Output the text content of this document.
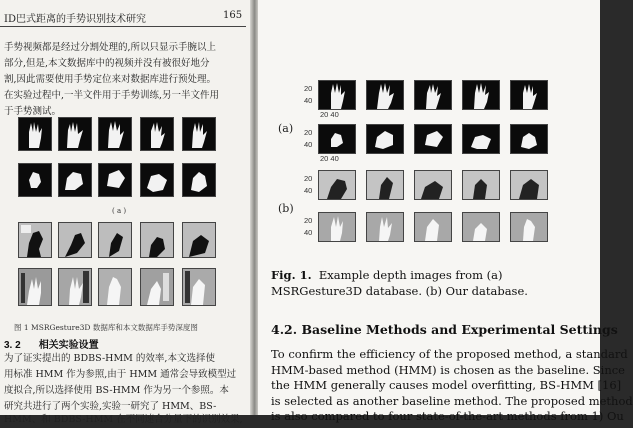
ID巴式距离的手势识别技术研究	165
手势视频都是经过分割处理的,所以只显示手腕以上
部分,但是,本文数据库中的视频并没有被很好地分
割,因此需要使用手势定位来对数据库进行预处理。
在实验过程中,一半文件用于手势训练,另一半文件用
于手势测试。
( a )
图 1 MSRGesture3D 数据库和本文数据库手势深度图
3. 2 相关实验设置
为了证实提出的 BDBS-HMM 的效率,本文选择使
用标准 HMM 作为参照,由于 HMM 通常会导致模型过
度拟合,所以选择使用 BS-HMM 作为另一个参照。本
研究共进行了两个实验,实验一研究了 HMM、BS-
HMM、和 BDBS-HMM 在不同速合分量下的识别效果,
(a)
(b)
20
40
20 40
20
40
20 40
20
40
20
40
Fig. 1. Example depth images from (a) MSRGesture3D database. (b) Our database.
4.2. Baseline Methods and Experimental Settings
To confirm the efficiency of the proposed method, a standard
HMM-based method (HMM) is chosen as the baseline. Since
the HMM generally causes model overfitting, BS-HMM [16]
is selected as another baseline method. The proposed method
is also compared to four state-of-the-art methods from 1) Ou
